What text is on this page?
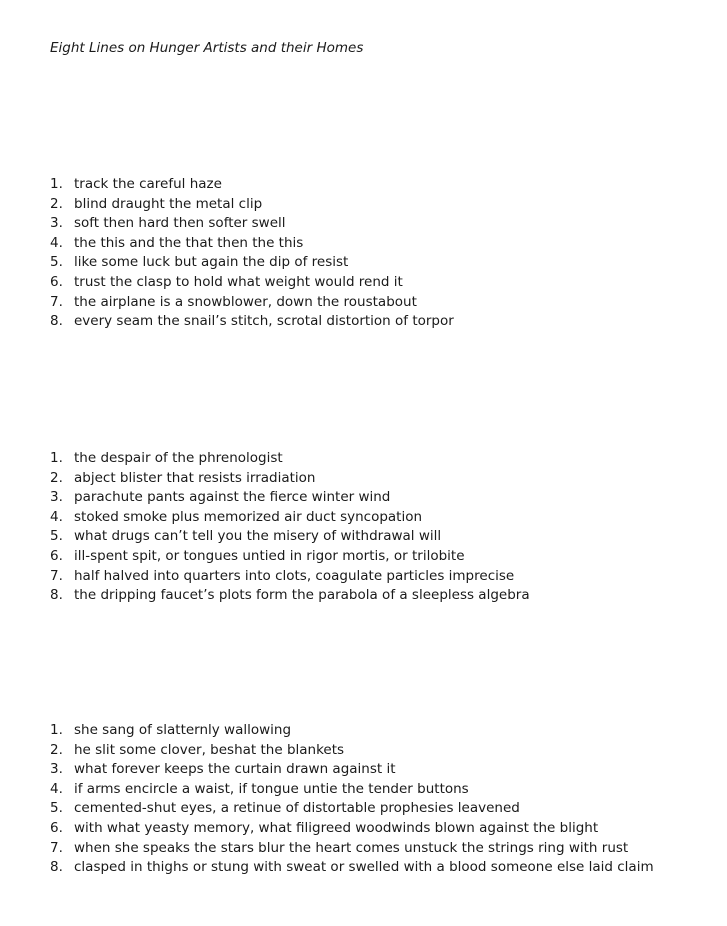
Eight Lines on Hunger Artists and their Homes
1. track the careful haze
2. blind draught the metal clip
3. soft then hard then softer swell
4. the this and the that then the this
5. like some luck but again the dip of resist
6. trust the clasp to hold what weight would rend it
7. the airplane is a snowblower, down the roustabout
8. every seam the snail’s stitch, scrotal distortion of torpor
1. the despair of the phrenologist
2. abject blister that resists irradiation
3. parachute pants against the fierce winter wind
4. stoked smoke plus memorized air duct syncopation
5. what drugs can’t tell you the misery of withdrawal will
6. ill-spent spit, or tongues untied in rigor mortis, or trilobite
7. half halved into quarters into clots, coagulate particles imprecise
8. the dripping faucet’s plots form the parabola of a sleepless algebra
1. she sang of slatternly wallowing
2. he slit some clover, beshat the blankets
3. what forever keeps the curtain drawn against it
4. if arms encircle a waist, if tongue untie the tender buttons
5. cemented-shut eyes, a retinue of distortable prophesies leavened
6. with what yeasty memory, what filigreed woodwinds blown against the blight
7. when she speaks the stars blur the heart comes unstuck the strings ring with rust
8. clasped in thighs or stung with sweat or swelled with a blood someone else laid claim
